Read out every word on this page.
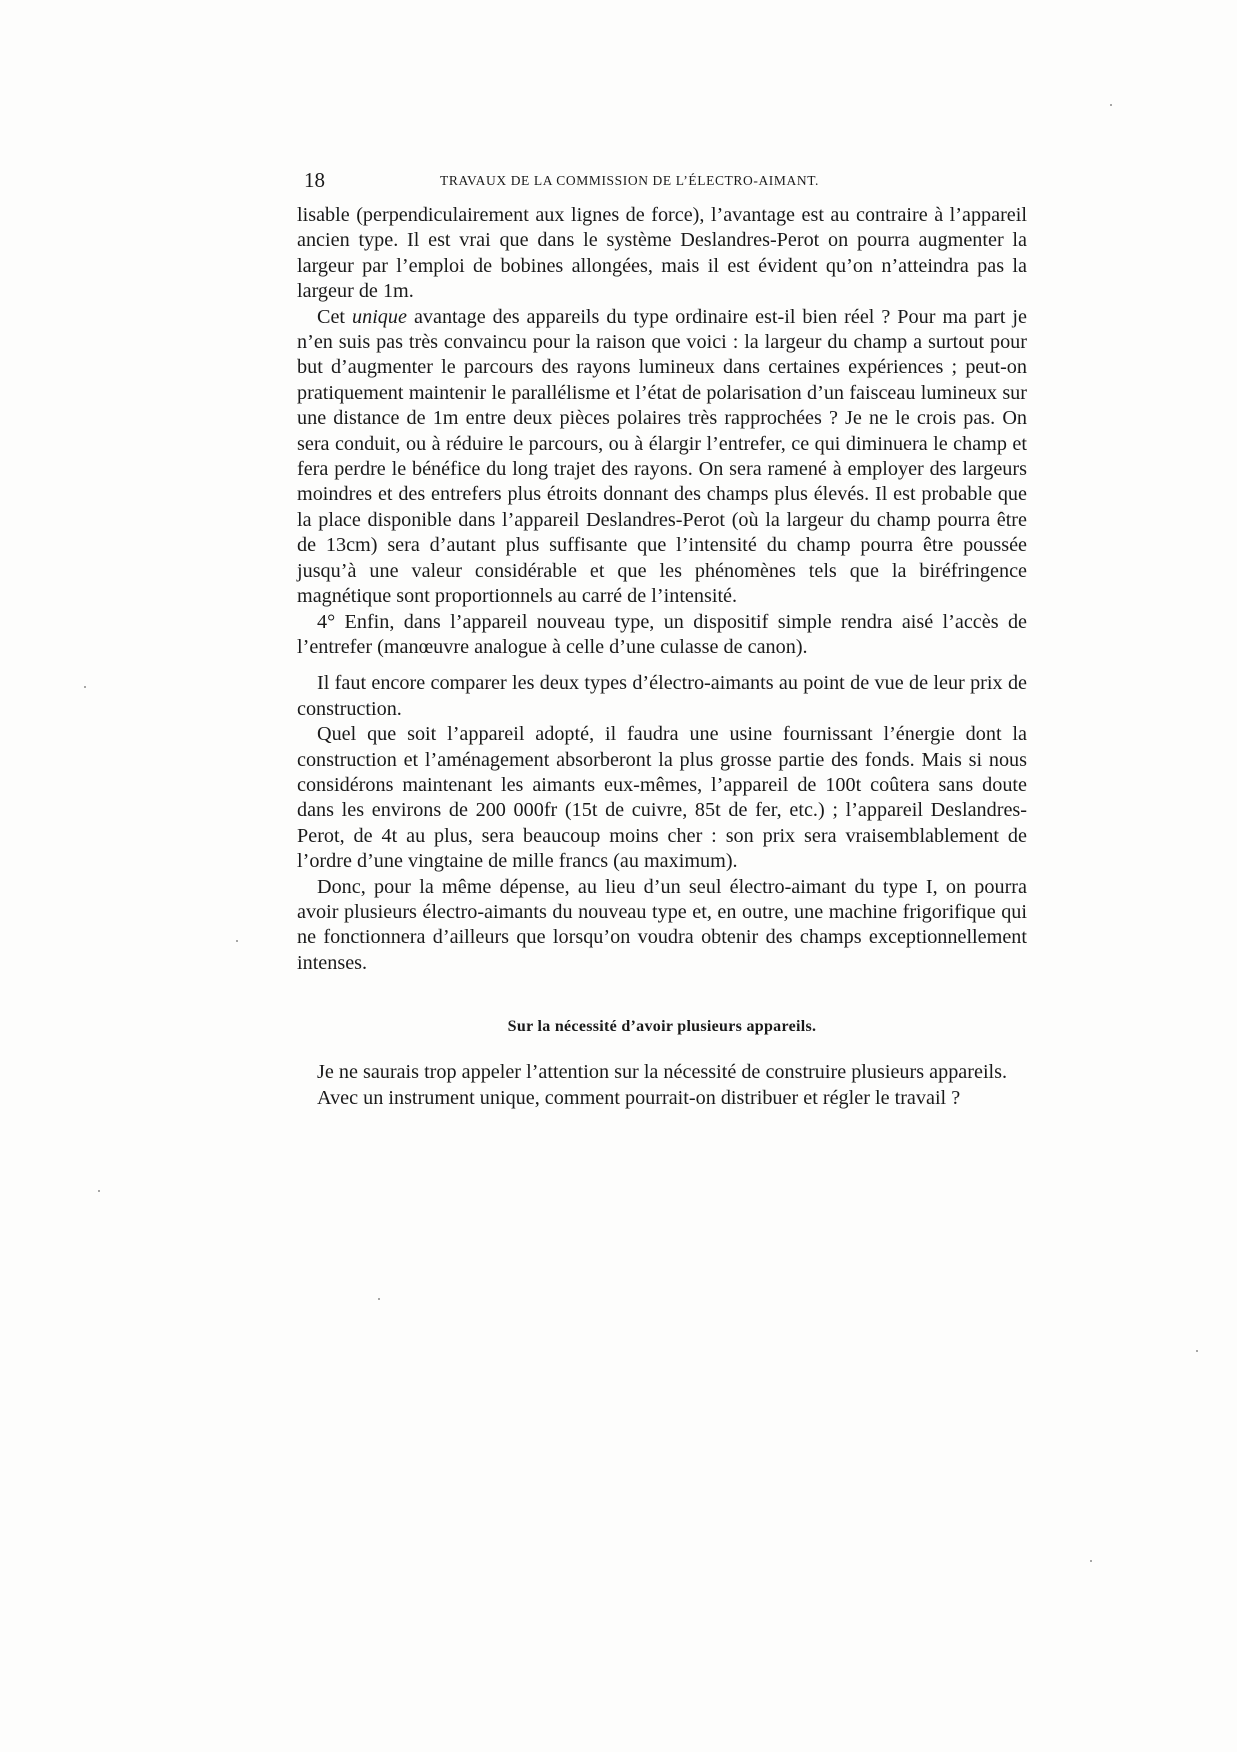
18	TRAVAUX DE LA COMMISSION DE L’ÉLECTRO-AIMANT.

lisable (perpendiculairement aux lignes de force), l’avantage est au contraire à l’appareil ancien type. Il est vrai que dans le système Deslandres-Perot on pourra augmenter la largeur par l’emploi de bobines allongées, mais il est évident qu’on n’atteindra pas la largeur de 1m.

Cet unique avantage des appareils du type ordinaire est-il bien réel ? Pour ma part je n’en suis pas très convaincu pour la raison que voici : la largeur du champ a surtout pour but d’augmenter le parcours des rayons lumineux dans certaines expériences ; peut-on pratiquement maintenir le parallélisme et l’état de polarisation d’un faisceau lumineux sur une distance de 1m entre deux pièces polaires très rapprochées ? Je ne le crois pas. On sera conduit, ou à réduire le parcours, ou à élargir l’entrefer, ce qui diminuera le champ et fera perdre le bénéfice du long trajet des rayons. On sera ramené à employer des largeurs moindres et des entrefers plus étroits donnant des champs plus élevés. Il est probable que la place disponible dans l’appareil Deslandres-Perot (où la largeur du champ pourra être de 13cm) sera d’autant plus suffisante que l’intensité du champ pourra être poussée jusqu’à une valeur considérable et que les phénomènes tels que la biréfringence magnétique sont proportionnels au carré de l’intensité.

4° Enfin, dans l’appareil nouveau type, un dispositif simple rendra aisé l’accès de l’entrefer (manœuvre analogue à celle d’une culasse de canon).

Il faut encore comparer les deux types d’électro-aimants au point de vue de leur prix de construction.

Quel que soit l’appareil adopté, il faudra une usine fournissant l’énergie dont la construction et l’aménagement absorberont la plus grosse partie des fonds. Mais si nous considérons maintenant les aimants eux-mêmes, l’appareil de 100t coûtera sans doute dans les environs de 200 000fr (15t de cuivre, 85t de fer, etc.) ; l’appareil Deslandres-Perot, de 4t au plus, sera beaucoup moins cher : son prix sera vraisemblablement de l’ordre d’une vingtaine de mille francs (au maximum).

Donc, pour la même dépense, au lieu d’un seul électro-aimant du type I, on pourra avoir plusieurs électro-aimants du nouveau type et, en outre, une machine frigorifique qui ne fonctionnera d’ailleurs que lorsqu’on voudra obtenir des champs exceptionnellement intenses.

Sur la nécessité d’avoir plusieurs appareils.

Je ne saurais trop appeler l’attention sur la nécessité de construire plusieurs appareils.

Avec un instrument unique, comment pourrait-on distribuer et régler le travail ?
